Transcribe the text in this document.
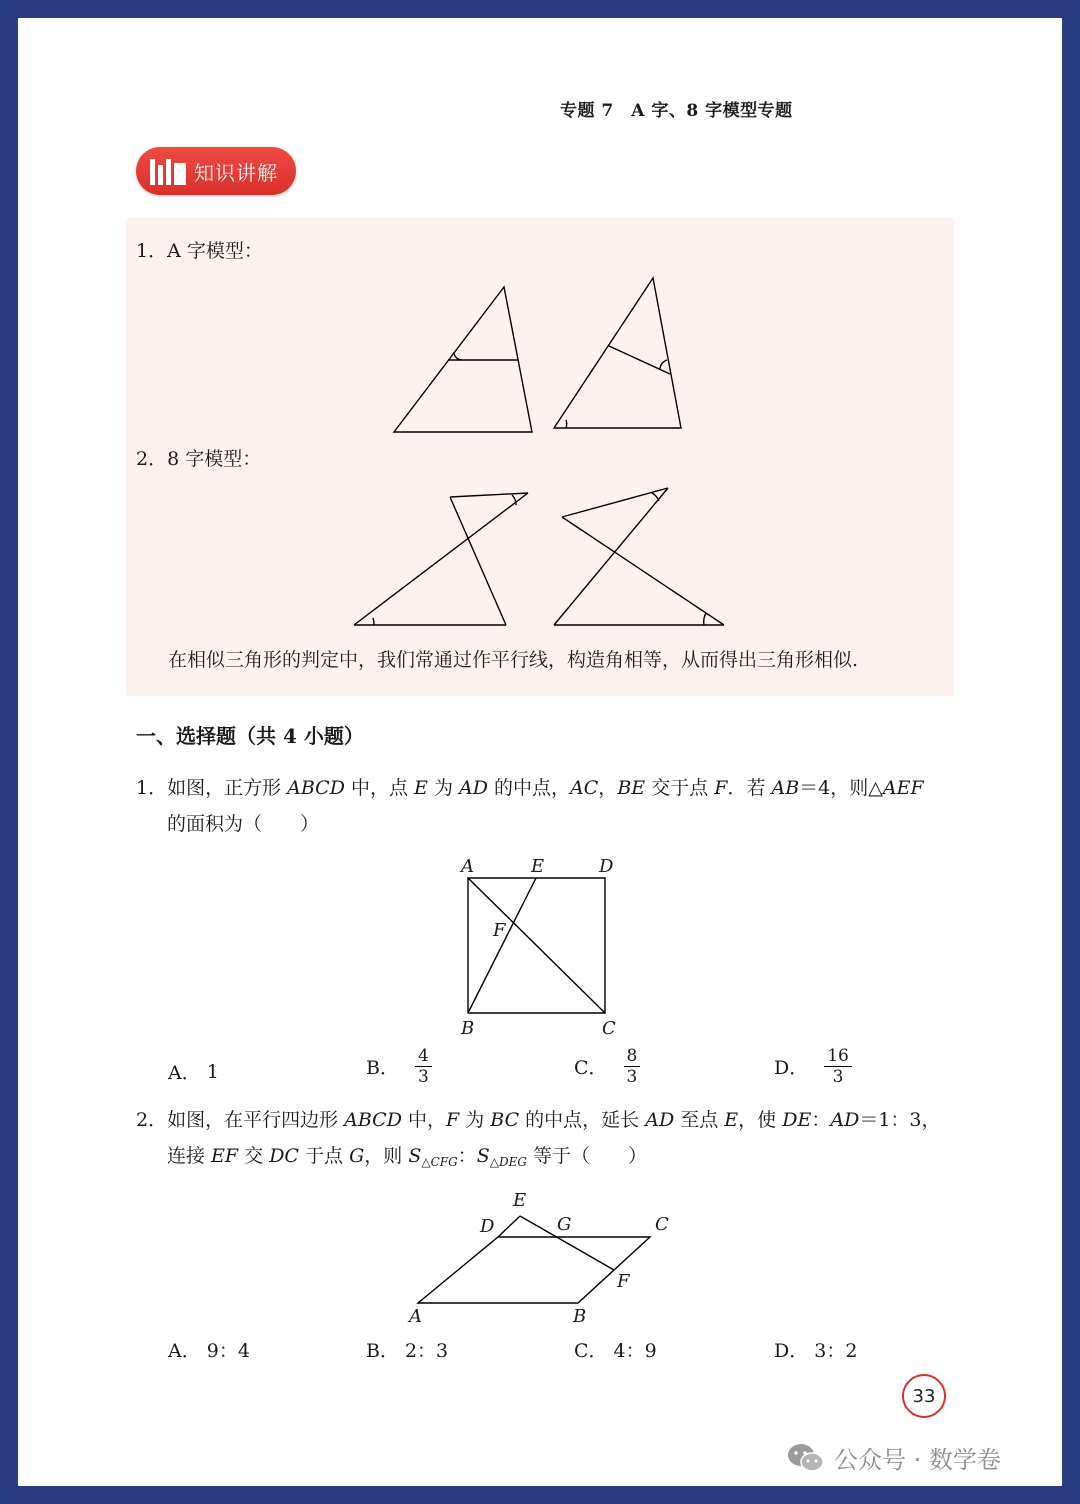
专题 7　A 字、8 字模型专题
知识讲解
1．A 字模型：
2．8 字模型：
在相似三角形的判定中，我们常通过作平行线，构造角相等，从而得出三角形相似.
一、选择题（共 4 小题）
1．如图，正方形 ABCD 中，点 E 为 AD 的中点，AC，BE 交于点 F．若 AB＝4，则△AEF
的面积为（　　）
A	E	D
F
B	C
A． 1	B． $\frac{4}{3}$	C． $\frac{8}{3}$	D． $\frac{16}{3}$
2．如图，在平行四边形 ABCD 中，F 为 BC 的中点，延长 AD 至点 E，使 DE：AD＝1：3，
连接 EF 交 DC 于点 G，则 $S_{\triangle CFG}$：$S_{\triangle DEG}$ 等于（　　）
E
D	G	C
F
A	B
A． 9：4	B． 2：3	C． 4：9	D． 3：2
33
公众号 · 数学卷
